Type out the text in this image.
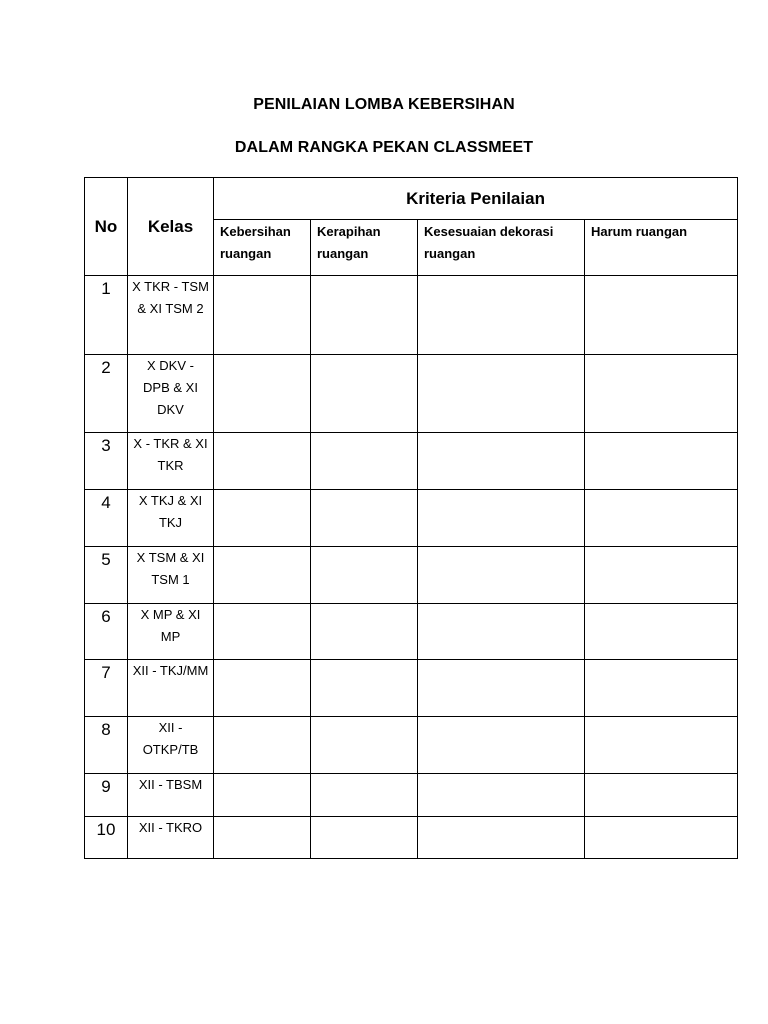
PENILAIAN LOMBA KEBERSIHAN
DALAM RANGKA PEKAN CLASSMEET
No	Kelas	Kriteria Penilaian			
		Kebersihan ruangan	Kerapihan ruangan	Kesesuaian dekorasi ruangan	Harum ruangan
1	X TKR - TSM & XI TSM 2				
2	X DKV - DPB & XI DKV				
3	X - TKR & XI TKR				
4	X TKJ & XI TKJ				
5	X TSM & XI TSM 1				
6	X MP & XI MP				
7	XII - TKJ/MM				
8	XII - OTKP/TB				
9	XII - TBSM				
10	XII - TKRO				
